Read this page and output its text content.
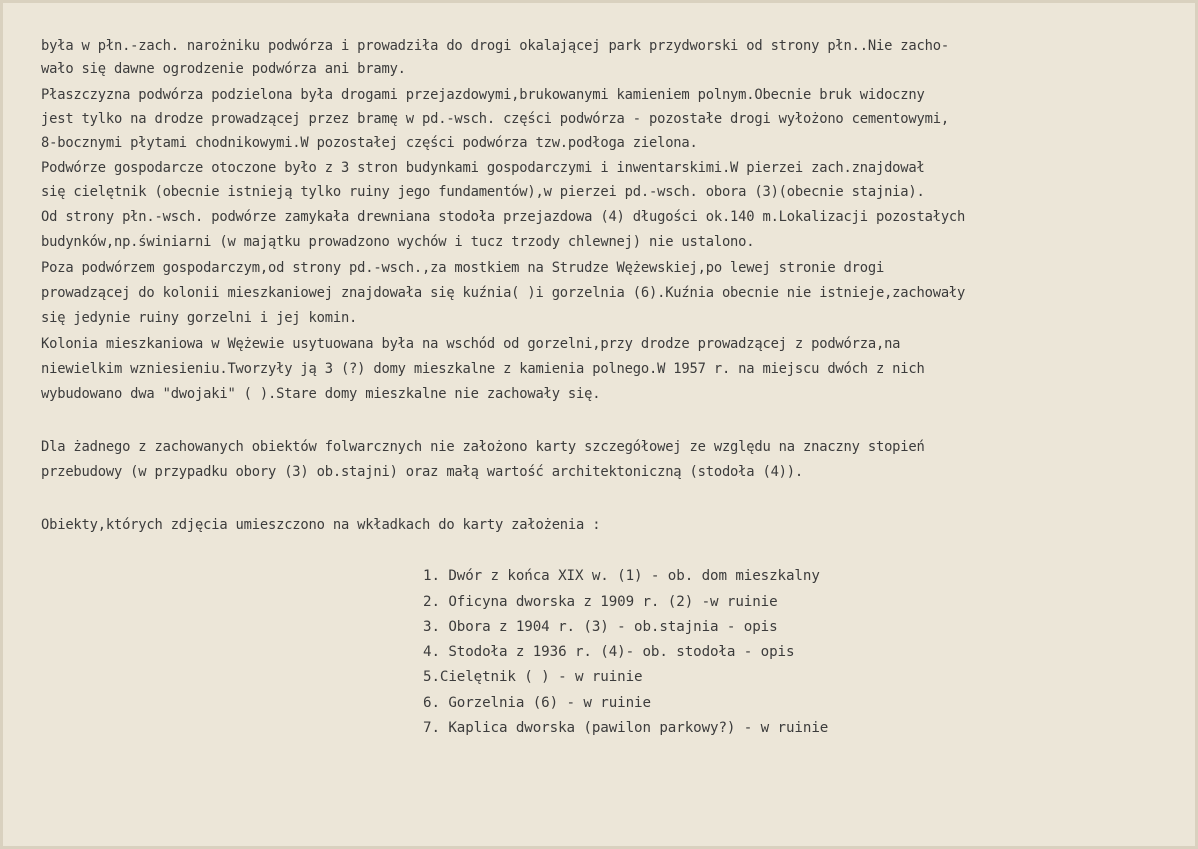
była w płn.-zach. narożniku podwórza i prowadziła do drogi okalającej park przydworski od strony płn..Nie zacho-
wało się dawne ogrodzenie podwórza ani bramy.
Płaszczyzna podwórza podzielona była drogami przejazdowymi,brukowanymi kamieniem polnym.Obecnie bruk widoczny
jest tylko na drodze prowadzącej przez bramę w pd.-wsch. części podwórza - pozostałe drogi wyłożono cementowymi,
8-bocznymi płytami chodnikowymi.W pozostałej części podwórza tzw.podłoga zielona.
Podwórze gospodarcze otoczone było z 3 stron budynkami gospodarczymi i inwentarskimi.W pierzei zach.znajdował
się cielętnik (obecnie istnieją tylko ruiny jego fundamentów),w pierzei pd.-wsch. obora (3)(obecnie stajnia).
Od strony płn.-wsch. podwórze zamykała drewniana stodoła przejazdowa (4) długości ok.140 m.Lokalizacji pozostałych
budynków,np.świniarni (w majątku prowadzono wychów i tucz trzody chlewnej) nie ustalono.
Poza podwórzem gospodarczym,od strony pd.-wsch.,za mostkiem na Strudze Wężewskiej,po lewej stronie drogi
prowadzącej do kolonii mieszkaniowej znajdowała się kuźnia( )i gorzelnia (6).Kuźnia obecnie nie istnieje,zachowały
się jedynie ruiny gorzelni i jej komin.
Kolonia mieszkaniowa w Wężewie usytuowana była na wschód od gorzelni,przy drodze prowadzącej z podwórza,na
niewielkim wzniesieniu.Tworzyły ją 3 (?) domy mieszkalne z kamienia polnego.W 1957 r. na miejscu dwóch z nich
wybudowano dwa "dwojaki" ( ).Stare domy mieszkalne nie zachowały się.
Dla żadnego z zachowanych obiektów folwarcznych nie założono karty szczegółowej ze względu na znaczny stopień
przebudowy (w przypadku obory (3) ob.stajni) oraz małą wartość architektoniczną (stodoła (4)).
Obiekty,których zdjęcia umieszczono na wkładkach do karty założenia :
1. Dwór z końca XIX w. (1) - ob. dom mieszkalny
2. Oficyna dworska z 1909 r. (2) -w ruinie
3. Obora z 1904 r. (3) - ob.stajnia - opis
4. Stodoła z 1936 r. (4)- ob. stodoła - opis
5.Cielętnik ( ) - w ruinie
6. Gorzelnia (6) - w ruinie
7. Kaplica dworska (pawilon parkowy?) - w ruinie
